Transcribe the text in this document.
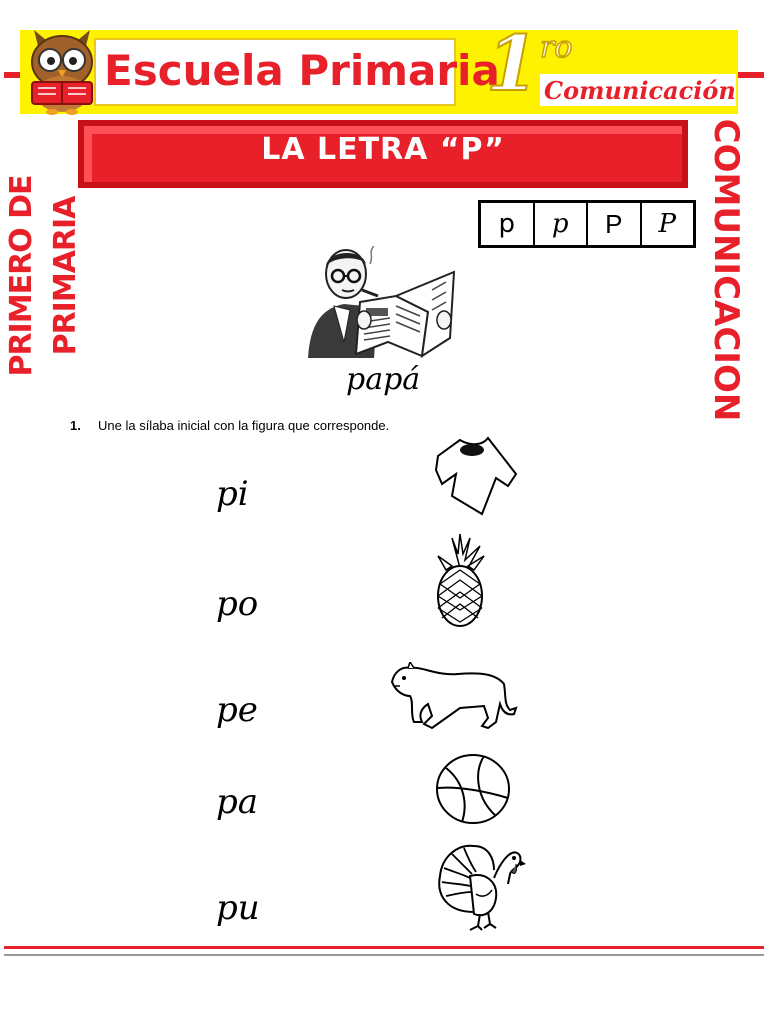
Escuela Primaria
1 ro
Comunicación
LA LETRA “P”
PRIMERO DE PRIMARIA	COMUNICACION
p	p	P	P
papá
1. Une la sílaba inicial con la figura que corresponde.
pi
po
pe
pa
pu
